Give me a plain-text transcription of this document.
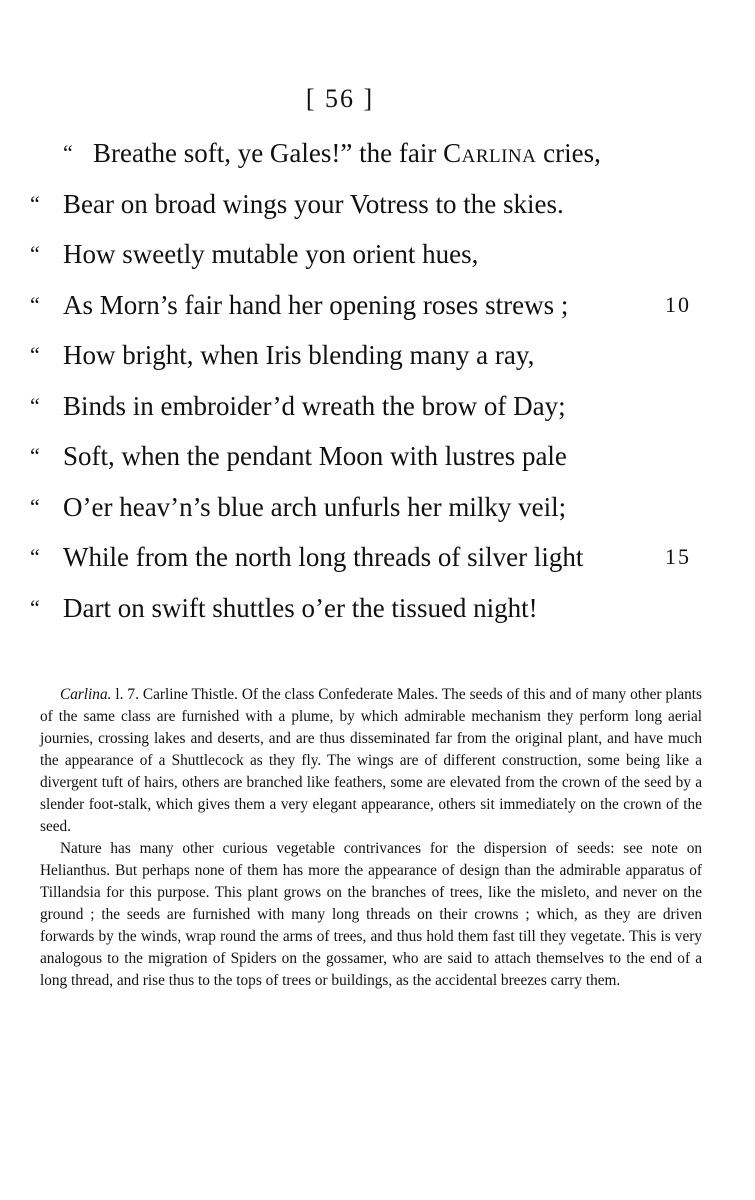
[ 56 ]
“ Breathe soft, ye Gales!” the fair Carlina cries,
“ Bear on broad wings your Votress to the skies.
“ How sweetly mutable yon orient hues,
“ As Morn’s fair hand her opening roses strews ;	10
“ How bright, when Iris blending many a ray,
“ Binds in embroider’d wreath the brow of Day;
“ Soft, when the pendant Moon with lustres pale
“ O’er heav’n’s blue arch unfurls her milky veil;
“ While from the north long threads of silver light	15
“ Dart on swift shuttles o’er the tissued night!

Carlina. l. 7. Carline Thistle. Of the class Confederate Males. The seeds of this and of many other plants of the same class are furnished with a plume, by which admirable mechanism they perform long aerial journies, crossing lakes and deserts, and are thus disseminated far from the original plant, and have much the appearance of a Shuttlecock as they fly. The wings are of different construction, some being like a divergent tuft of hairs, others are branched like feathers, some are elevated from the crown of the seed by a slender foot-stalk, which gives them a very elegant appearance, others sit immediately on the crown of the seed.

Nature has many other curious vegetable contrivances for the dispersion of seeds: see note on Helianthus. But perhaps none of them has more the appearance of design than the admirable apparatus of Tillandsia for this purpose. This plant grows on the branches of trees, like the misleto, and never on the ground ; the seeds are furnished with many long threads on their crowns ; which, as they are driven forwards by the winds, wrap round the arms of trees, and thus hold them fast till they vegetate. This is very analogous to the migration of Spiders on the gossamer, who are said to attach themselves to the end of a long thread, and rise thus to the tops of trees or buildings, as the accidental breezes carry them.
